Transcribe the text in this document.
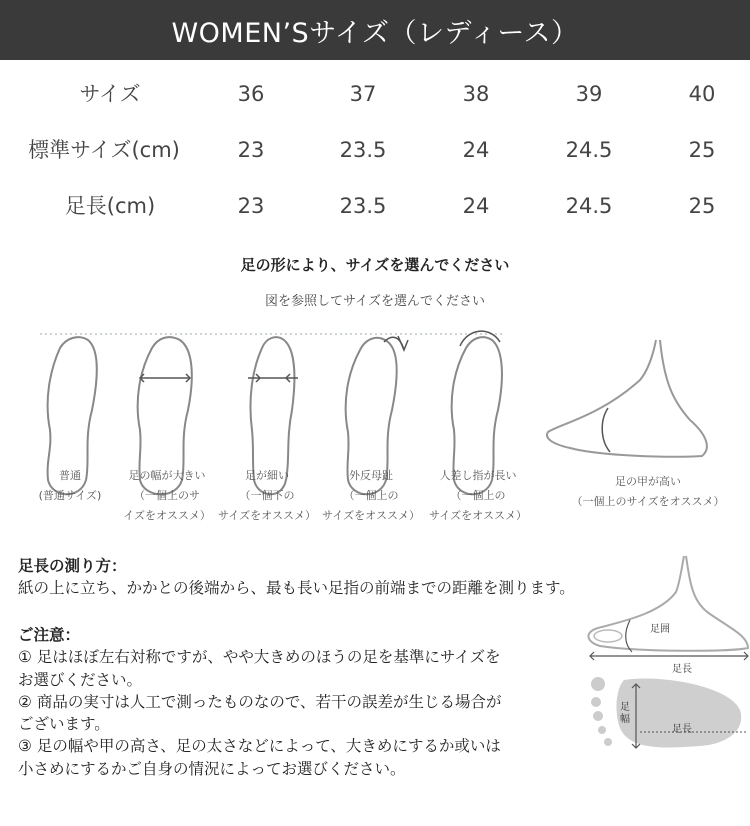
WOMEN’Sサイズ（レディース）
サイズ	36	37	38	39	40
標準サイズ(cm)	23	23.5	24	24.5	25
足長(cm)	23	23.5	24	24.5	25
足の形により、サイズを選んでください
図を参照してサイズを選んでください
普通
(普通サイズ)
足の幅が大きい
（一個上のサ
イズをオススメ）
足が細い
（一個下の
サイズをオススメ）
外反母趾
（一個上の
サイズをオススメ）
人差し指が長い
（一個上の
サイズをオススメ）
足の甲が高い
（一個上のサイズをオススメ）
足長の測り方：
紙の上に立ち、かかとの後端から、最も長い足指の前端までの距離を測ります。
ご注意：
① 足はほぼ左右対称ですが、やや大きめのほうの足を基準にサイズを
お選びください。
② 商品の実寸は人工で測ったものなので、若干の誤差が生じる場合が
ございます。
③ 足の幅や甲の高さ、足の太さなどによって、大きめにするか或いは
小さめにするかご自身の情況によってお選びください。
足囲
足長
足幅
足長
